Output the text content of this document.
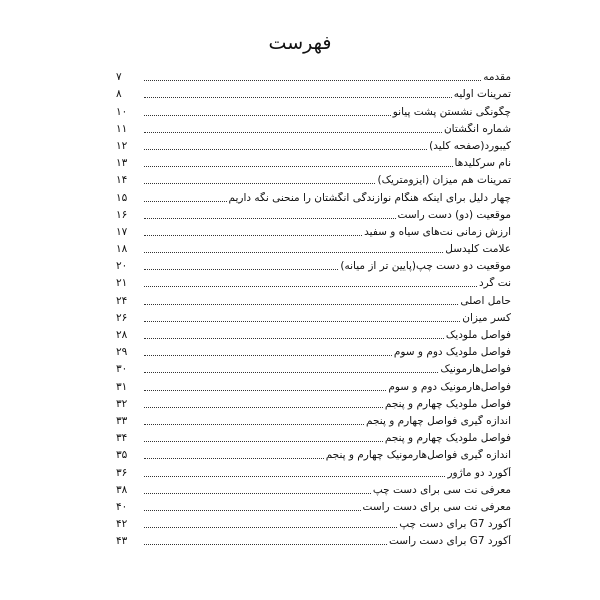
فهرست
مقدمه
۷
تمرینات اولیه
۸
چگونگی نشستن پشت پیانو
۱۰
شماره انگشتان
۱۱
کیبورد(صفحه کلید)
۱۲
نام سرکلیدها
۱۳
تمرینات هم میزان (ایزومتریک)
۱۴
چهار دلیل برای اینکه هنگام نوازندگی انگشتان را منحنی نگه داریم
۱۵
موقعیت (دو) دست راست
۱۶
ارزش زمانی نت‌های سیاه و سفید
۱۷
علامت کلیدسل
۱۸
موقعیت دو دست چپ(پایین تر از میانه)
۲۰
نت گرد
۲۱
حامل اصلی
۲۴
کسر میزان
۲۶
فواصل ملودیک
۲۸
فواصل ملودیک دوم و سوم
۲۹
فواصل‌هارمونیک
۳۰
فواصل‌هارمونیک دوم و سوم
۳۱
فواصل ملودیک چهارم و پنجم
۳۲
اندازه گیری فواصل چهارم و پنجم
۳۳
فواصل ملودیک چهارم و پنجم
۳۴
اندازه گیری فواصل‌هارمونیک چهارم و پنجم
۳۵
آکورد دو ماژور
۳۶
معرفی نت سی برای دست چپ
۳۸
معرفی نت سی برای دست راست
۴۰
آکورد G7 برای دست چپ
۴۲
آکورد G7 برای دست راست
۴۳
